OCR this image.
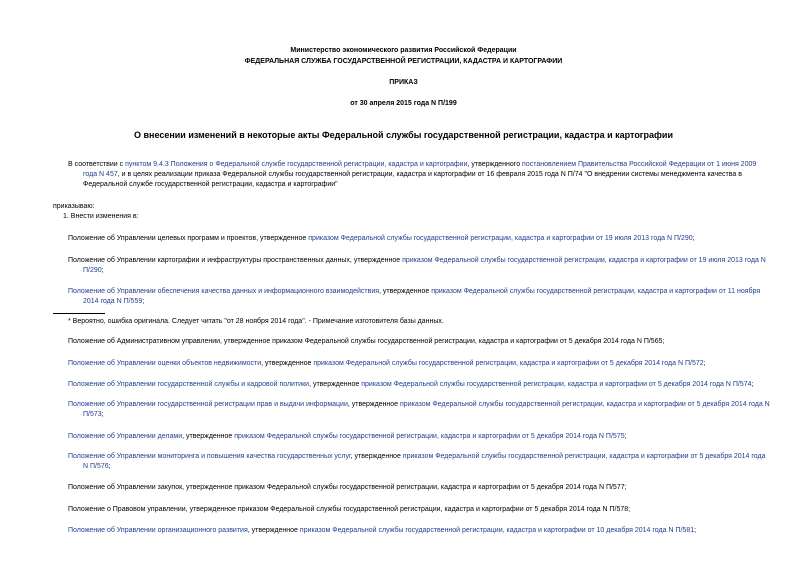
Министерство экономического развития Российской Федерации
ФЕДЕРАЛЬНАЯ СЛУЖБА ГОСУДАРСТВЕННОЙ РЕГИСТРАЦИИ, КАДАСТРА И КАРТОГРАФИИ
ПРИКАЗ
от 30 апреля 2015 года N П/199
О внесении изменений в некоторые акты Федеральной службы государственной регистрации, кадастра и картографии
В соответствии с пунктом 9.4.3 Положения о Федеральной службе государственной регистрации, кадастра и картографии, утвержденного постановлением Правительства Российской Федерации от 1 июня 2009 года N 457, и в целях реализации приказа Федеральной службы государственной регистрации, кадастра и картографии от 16 февраля 2015 года N П/74 "О внедрении системы менеджмента качества в Федеральной службе государственной регистрации, кадастра и картографии"
приказываю:
1. Внести изменения в:
Положение об Управлении целевых программ и проектов, утвержденное приказом Федеральной службы государственной регистрации, кадастра и картографии от 19 июля 2013 года N П/290;
Положение об Управлении картографии и инфраструктуры пространственных данных, утвержденное приказом Федеральной службы государственной регистрации, кадастра и картографии от 19 июля 2013 года N П/290;
Положение об Управлении обеспечения качества данных и информационного взаимодействия, утвержденное приказом Федеральной службы государственной регистрации, кадастра и картографии от 11 ноября 2014 года N П/559;
* Вероятно, ошибка оригинала. Следует читать "от 28 ноября 2014 года". - Примечание изготовителя базы данных.
Положение об Административном управлении, утвержденное приказом Федеральной службы государственной регистрации, кадастра и картографии от 5 декабря 2014 года N П/565;
Положение об Управлении оценки объектов недвижимости, утвержденное приказом Федеральной службы государственной регистрации, кадастра и картографии от 5 декабря 2014 года N П/572;
Положение об Управлении государственной службы и кадровой политики, утвержденное приказом Федеральной службы государственной регистрации, кадастра и картографии от 5 декабря 2014 года N П/574;
Положение об Управлении государственной регистрации прав и выдачи информации, утвержденное приказом Федеральной службы государственной регистрации, кадастра и картографии от 5 декабря 2014 года N П/573;
Положение об Управлении делами, утвержденное приказом Федеральной службы государственной регистрации, кадастра и картографии от 5 декабря 2014 года N П/575;
Положение об Управлении мониторинга и повышения качества государственных услуг, утвержденное приказом Федеральной службы государственной регистрации, кадастра и картографии от 5 декабря 2014 года N П/576;
Положение об Управлении закупок, утвержденное приказом Федеральной службы государственной регистрации, кадастра и картографии от 5 декабря 2014 года N П/577;
Положение о Правовом управлении, утвержденное приказом Федеральной службы государственной регистрации, кадастра и картографии от 5 декабря 2014 года N П/578;
Положение об Управлении организационного развития, утвержденное приказом Федеральной службы государственной регистрации, кадастра и картографии от 10 декабря 2014 года N П/581;
